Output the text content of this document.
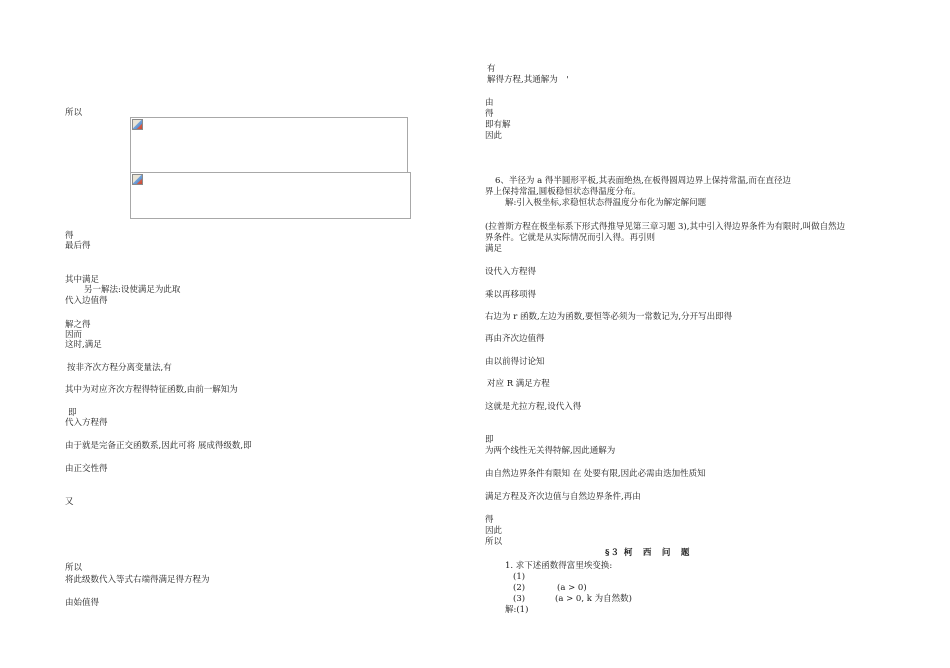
所以
得
最后得
其中满足
另一解法:设使满足为此取
代入边值得
解之得
因而
这时,满足
按非齐次方程分离变量法,有
其中为对应齐次方程得特征函数,由前一解知为
即
代入方程得
由于就是完备正交函数系,因此可将 展成得级数,即
由正交性得
又
所以
将此级数代入等式右端得满足得方程为
由始值得
有
解得方程,其通解为　'
由
得
即有解
因此
6、半径为 a 得半圆形平板,其表面绝热,在板得圆周边界上保持常温,而在直径边
界上保持常温,圆板稳恒状态得温度分布。
解:引入极坐标,求稳恒状态得温度分布化为解定解问题
(拉普斯方程在极坐标系下形式得推导见第三章习题 3),其中引入得边界条件为有限时,叫做自然边
界条件。它就是从实际情况而引入得。再引则
满足
设代入方程得
乘以再移项得
右边为 r 函数,左边为函数,要恒等必须为一常数记为,分开写出即得
再由齐次边值得
由以前得讨论知
对应 R 满足方程
这就是尤拉方程,设代入得
即
为两个线性无关得特解,因此通解为
由自然边界条件有限知 在 处要有限,因此必需由迭加性质知
满足方程及齐次边值与自然边界条件,再由
得
因此
所以
§３ 柯　西　问　题
1. 求下述函数得富里埃变换:
(1)
(2)	(a > 0)
(3)	(a > 0, k 为自然数)
解:(1)
